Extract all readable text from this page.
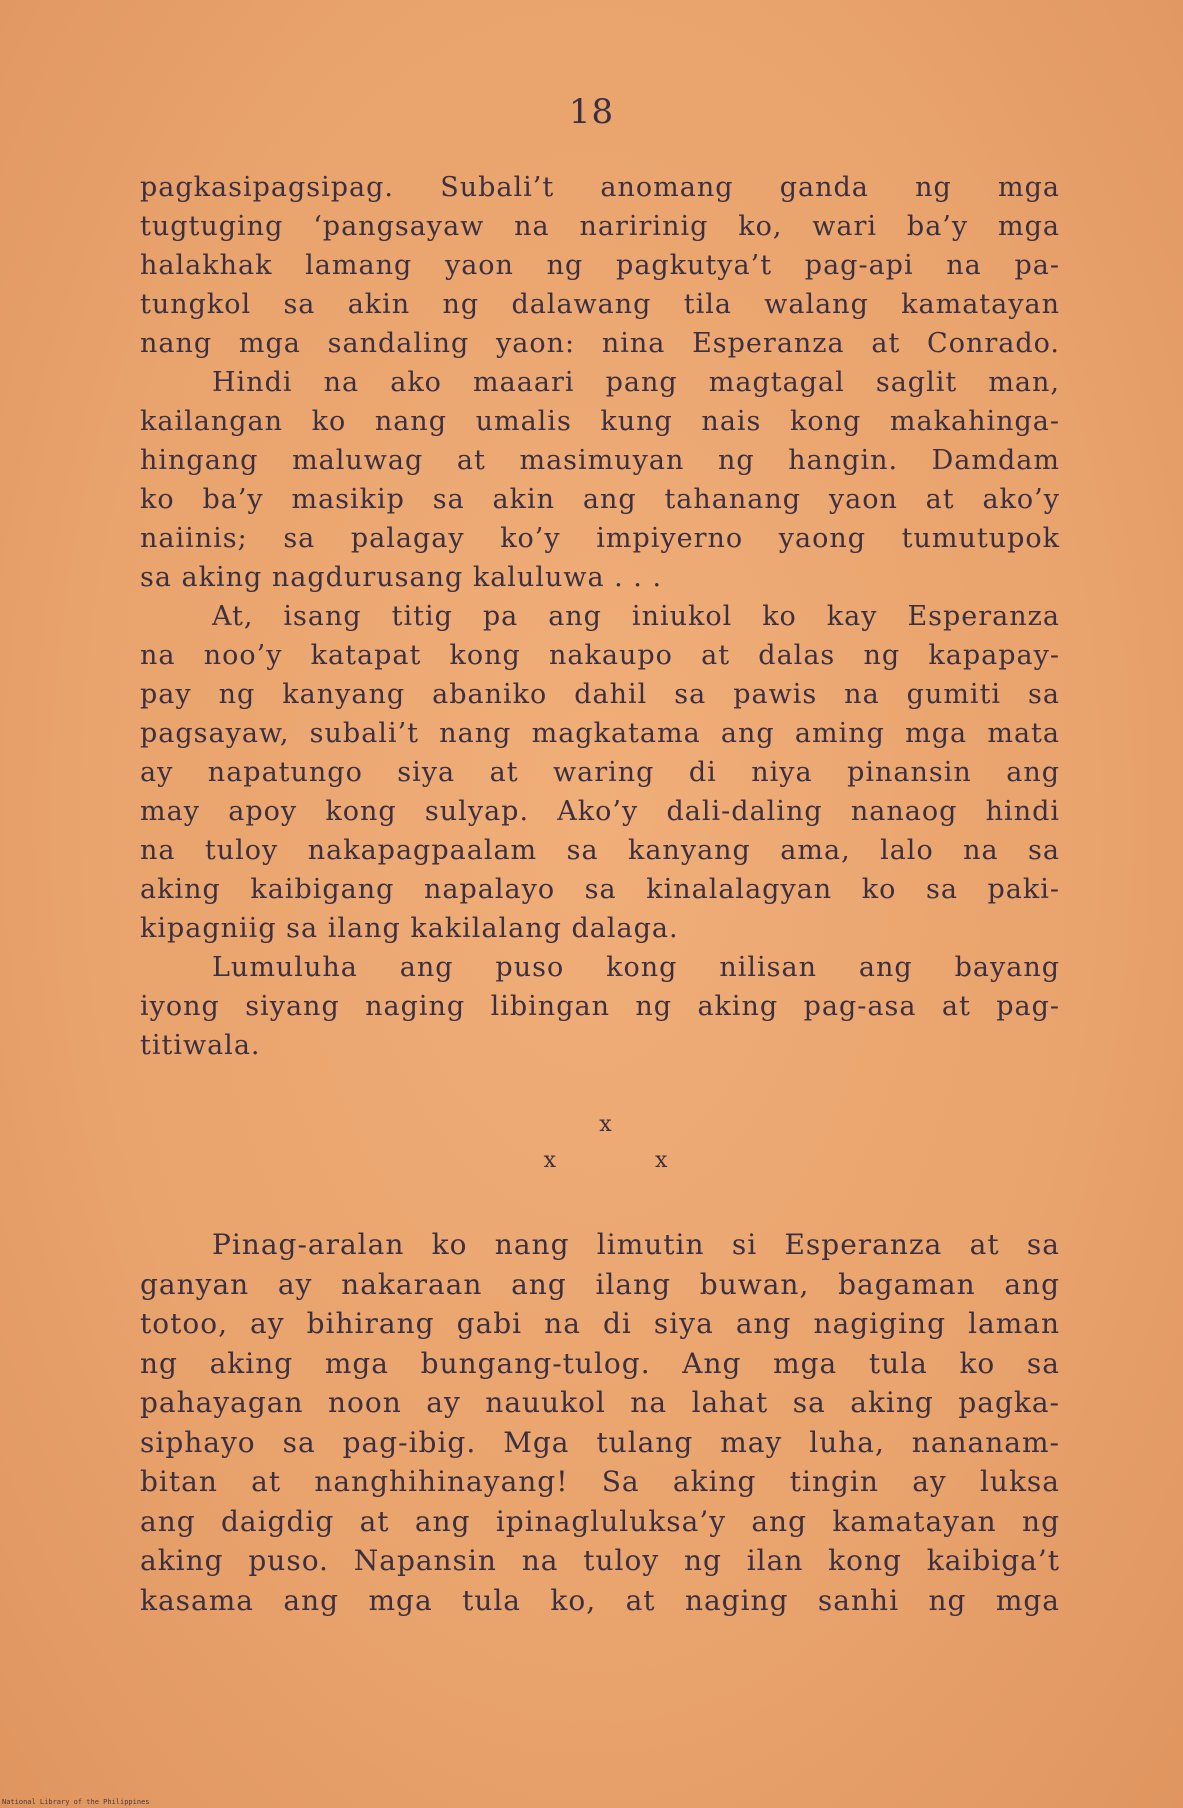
18
pagkasipagsipag. Subali’t anomang ganda ng mga
tugtuging ‘pangsayaw na naririnig ko, wari ba’y mga
halakhak lamang yaon ng pagkutya’t pag-api na pa-
tungkol sa akin ng dalawang tila walang kamatayan
nang mga sandaling yaon: nina Esperanza at Conrado.
Hindi na ako maaari pang magtagal saglit man,
kailangan ko nang umalis kung nais kong makahinga-
hingang maluwag at masimuyan ng hangin. Damdam
ko ba’y masikip sa akin ang tahanang yaon at ako’y
naiinis; sa palagay ko’y impiyerno yaong tumutupok
sa aking nagdurusang kaluluwa . . .
At, isang titig pa ang iniukol ko kay Esperanza
na noo’y katapat kong nakaupo at dalas ng kapapay-
pay ng kanyang abaniko dahil sa pawis na gumiti sa
pagsayaw, subali’t nang magkatama ang aming mga mata
ay napatungo siya at waring di niya pinansin ang
may apoy kong sulyap. Ako’y dali-daling nanaog hindi
na tuloy nakapagpaalam sa kanyang ama, lalo na sa
aking kaibigang napalayo sa kinalalagyan ko sa paki-
kipagniig sa ilang kakilalang dalaga.
Lumuluha ang puso kong nilisan ang bayang
iyong siyang naging libingan ng aking pag-asa at pag-
titiwala.
x
x	x
Pinag-aralan ko nang limutin si Esperanza at sa
ganyan ay nakaraan ang ilang buwan, bagaman ang
totoo, ay bihirang gabi na di siya ang nagiging laman
ng aking mga bungang-tulog. Ang mga tula ko sa
pahayagan noon ay nauukol na lahat sa aking pagka-
siphayo sa pag-ibig. Mga tulang may luha, nananam-
bitan at nanghihinayang! Sa aking tingin ay luksa
ang daigdig at ang ipinagluluksa’y ang kamatayan ng
aking puso. Napansin na tuloy ng ilan kong kaibiga’t
kasama ang mga tula ko, at naging sanhi ng mga
National Library of the Philippines
